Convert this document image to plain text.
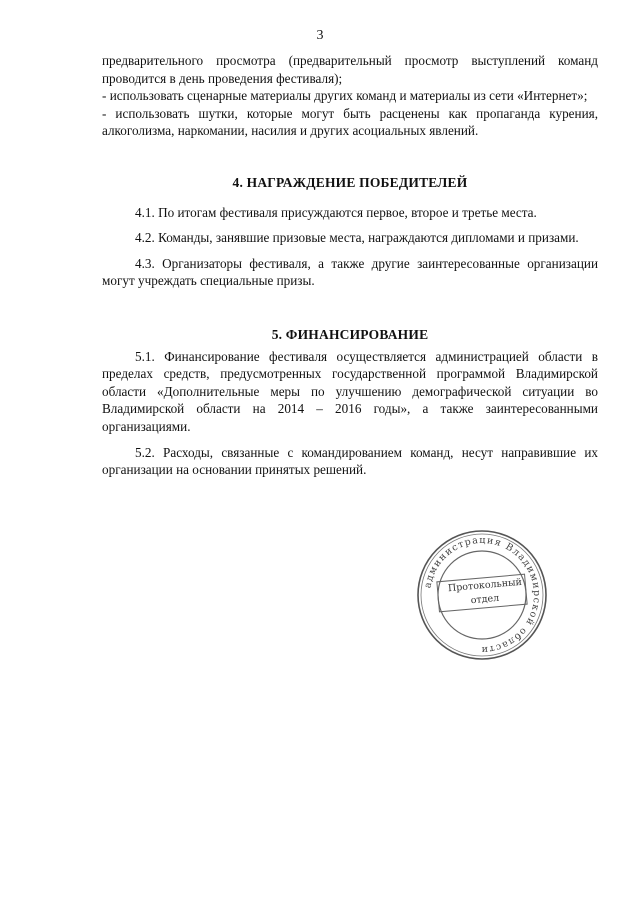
3

предварительного просмотра (предварительный просмотр выступлений команд проводится в день проведения фестиваля);

- использовать сценарные материалы других команд и материалы из сети «Интернет»;

- использовать шутки, которые могут быть расценены как пропаганда курения, алкоголизма, наркомании, насилия и других асоциальных явлений.

4. НАГРАЖДЕНИЕ ПОБЕДИТЕЛЕЙ

4.1. По итогам фестиваля присуждаются первое, второе и третье места.

4.2. Команды, занявшие призовые места, награждаются дипломами и призами.

4.3. Организаторы фестиваля, а также другие заинтересованные организации могут учреждать специальные призы.

5. ФИНАНСИРОВАНИЕ

5.1. Финансирование фестиваля осуществляется администрацией области в пределах средств, предусмотренных государственной программой Владимирской области «Дополнительные меры по улучшению демографической ситуации во Владимирской области на 2014 – 2016 годы», а также заинтересованными организациями.

5.2. Расходы, связанные с командированием команд, несут направившие их организации на основании принятых решений.

администрация Владимирской области
Протокольный
отдел
